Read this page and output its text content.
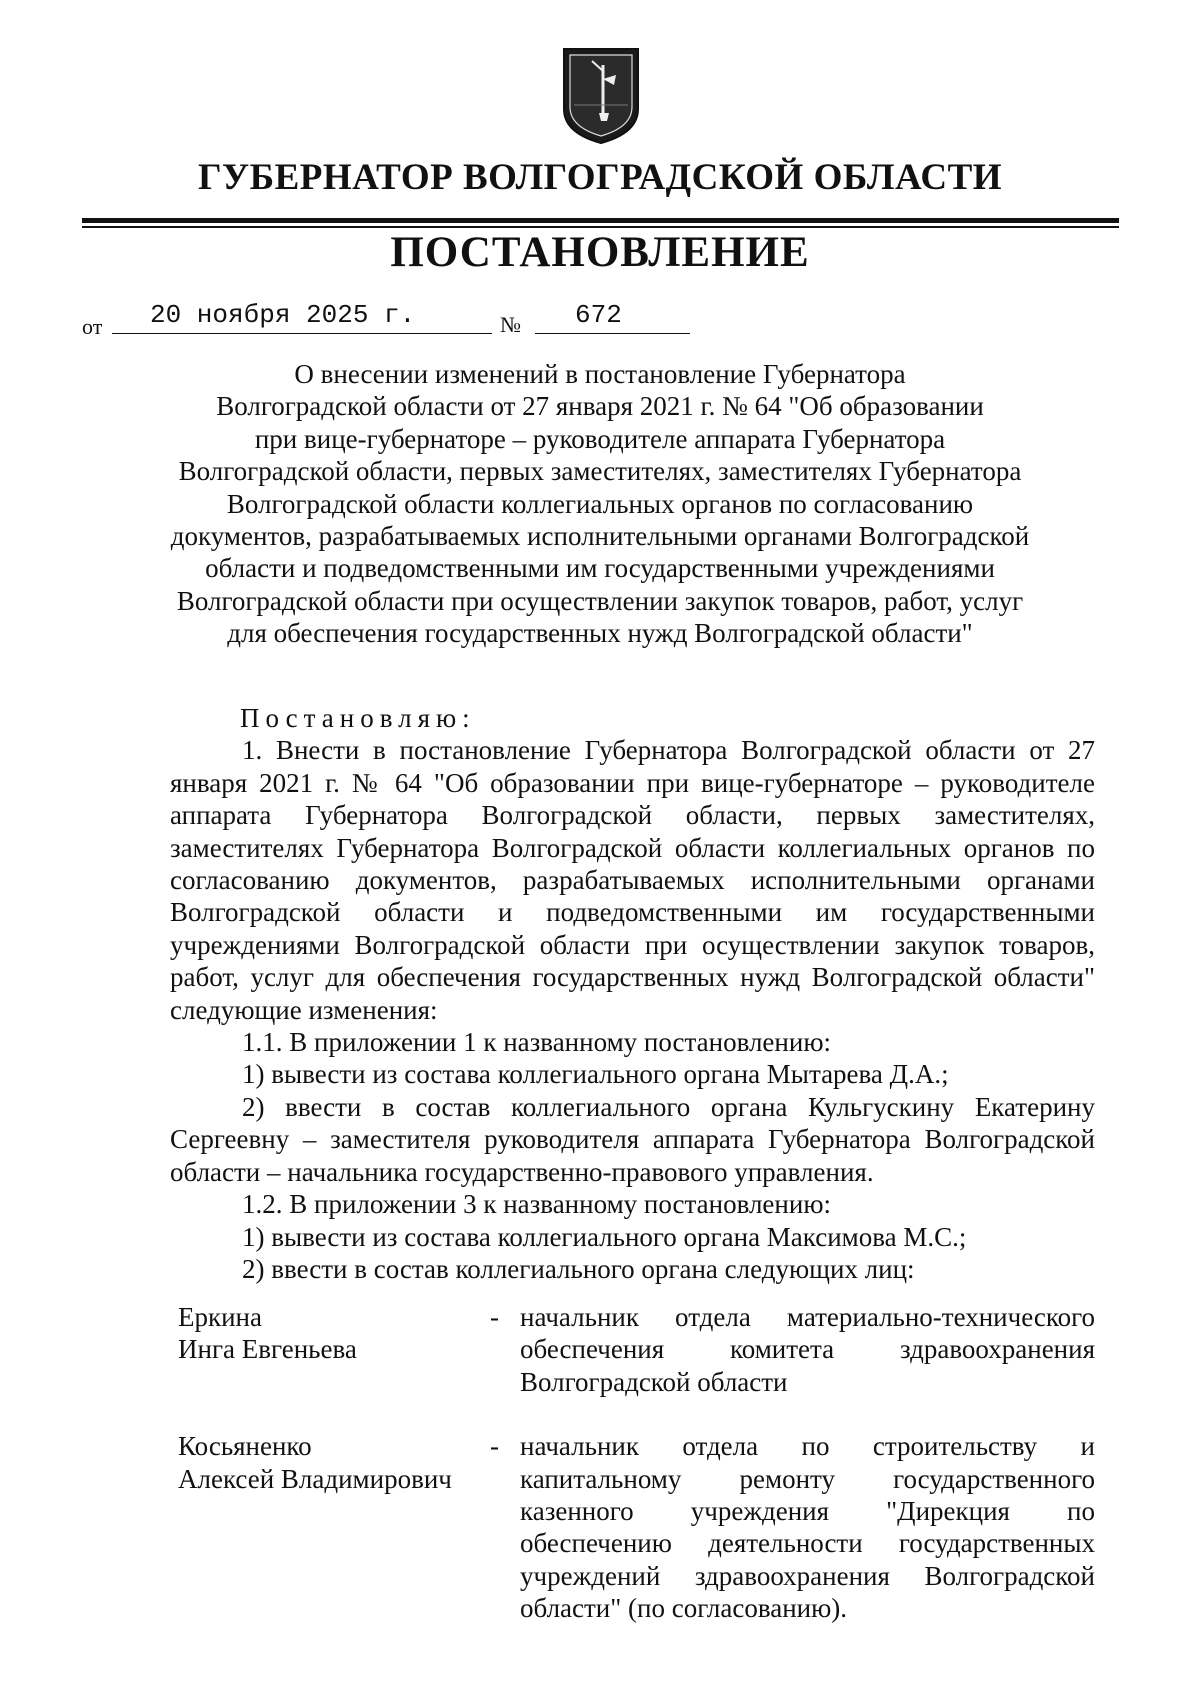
ГУБЕРНАТОР ВОЛГОГРАДСКОЙ ОБЛАСТИ
ПОСТАНОВЛЕНИЕ
от 20 ноября 2025 г.	№ 672
О внесении изменений в постановление Губернатора
Волгоградской области от 27 января 2021 г. № 64 "Об образовании
при вице-губернаторе – руководителе аппарата Губернатора
Волгоградской области, первых заместителях, заместителях Губернатора
Волгоградской области коллегиальных органов по согласованию
документов, разрабатываемых исполнительными органами Волгоградской
области и подведомственными им государственными учреждениями
Волгоградской области при осуществлении закупок товаров, работ, услуг
для обеспечения государственных нужд Волгоградской области"

Постановляю:

1. Внести в постановление Губернатора Волгоградской области от 27 января 2021 г. № 64 "Об образовании при вице-губернаторе – руководителе аппарата Губернатора Волгоградской области, первых заместителях, заместителях Губернатора Волгоградской области коллегиальных органов по согласованию документов, разрабатываемых исполнительными органами Волгоградской области и подведомственными им государственными учреждениями Волгоградской области при осуществлении закупок товаров, работ, услуг для обеспечения государственных нужд Волгоградской области" следующие изменения:

1.1. В приложении 1 к названному постановлению:

1) вывести из состава коллегиального органа Мытарева Д.А.;

2) ввести в состав коллегиального органа Кульгускину Екатерину Сергеевну – заместителя руководителя аппарата Губернатора Волгоградской области – начальника государственно-правового управления.

1.2. В приложении 3 к названному постановлению:

1) вывести из состава коллегиального органа Максимова М.С.;

2) ввести в состав коллегиального органа следующих лиц:

Еркина
Инга Евгеньева
- начальник отдела материально-технического обеспечения комитета здравоохранения Волгоградской области
Косьяненко
Алексей Владимирович
- начальник отдела по строительству и капитальному ремонту государственного казенного учреждения "Дирекция по обеспечению деятельности государственных учреждений здравоохранения Волгоградской области" (по согласованию).
